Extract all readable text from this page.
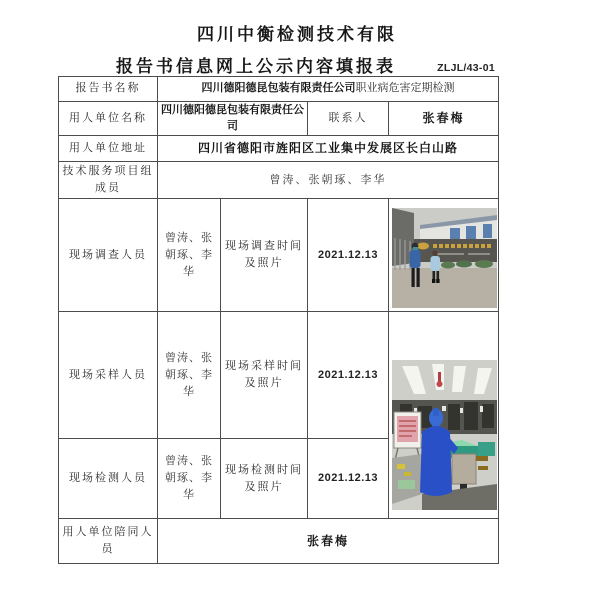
四川中衡检测技术有限
报告书信息网上公示内容填报表	ZLJL/43-01
报告书名称	四川德阳德昆包装有限责任公司职业病危害定期检测			
用人单位名称	四川德阳德昆包装有限责任公司		联系人	张春梅
用人单位地址	四川省德阳市旌阳区工业集中发展区长白山路			
技术服务项目组成员	曾涛、张朝琢、李华			
现场调查人员	曾涛、张朝琢、李华	现场调查时间及照片	2021.12.13	

现场采样人员	曾涛、张朝琢、李华	现场采样时间及照片	2021.12.13	

现场检测人员	曾涛、张朝琢、李华	现场检测时间及照片	2021.12.13	
用人单位陪同人员	张春梅			
